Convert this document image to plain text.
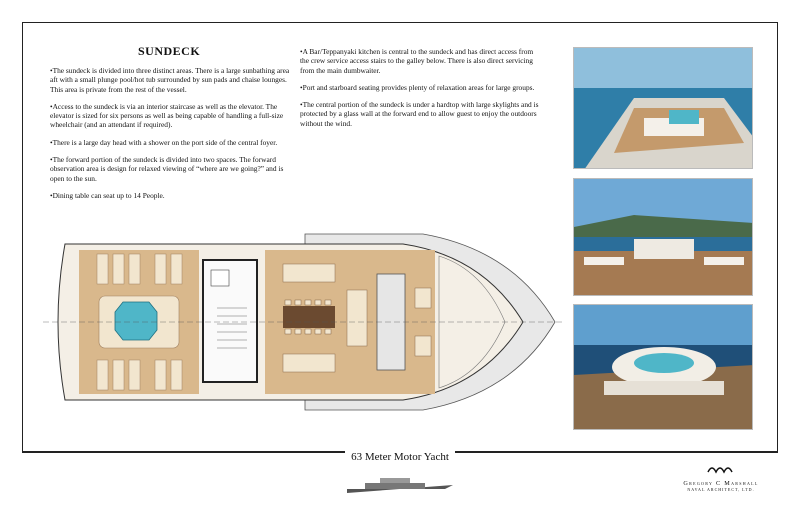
SUNDECK

•The sundeck is divided into three distinct areas. There is a large sunbathing area aft with a small plunge pool/hot tub surrounded by sun pads and chaise lounges. This area is private from the rest of the vessel.

•Access to the sundeck is via an interior staircase as well as the elevator. The elevator is sized for six persons as well as being capable of handling a full-size wheelchair (and an attendant if required).

•There is a large day head with a shower on the port side of the central foyer.

•The forward portion of the sundeck is divided into two spaces. The forward observation area is design for relaxed viewing of “where are we going?” and is open to the sun.

•Dining table can seat up to 14 People.

•A Bar/Teppanyaki kitchen is central to the sundeck and has direct access from the crew service access stairs to the galley below. There is also direct servicing from the main dumbwaiter.

•Port and starboard seating provides plenty of relaxation areas for large groups.

•The central portion of the sundeck is under a hardtop with large skylights and is protected by a glass wall at the forward end to allow guest to enjoy the outdoors without the wind.

63 Meter Motor Yacht
Gregory C Marshall
NAVAL ARCHITECT, LTD.
